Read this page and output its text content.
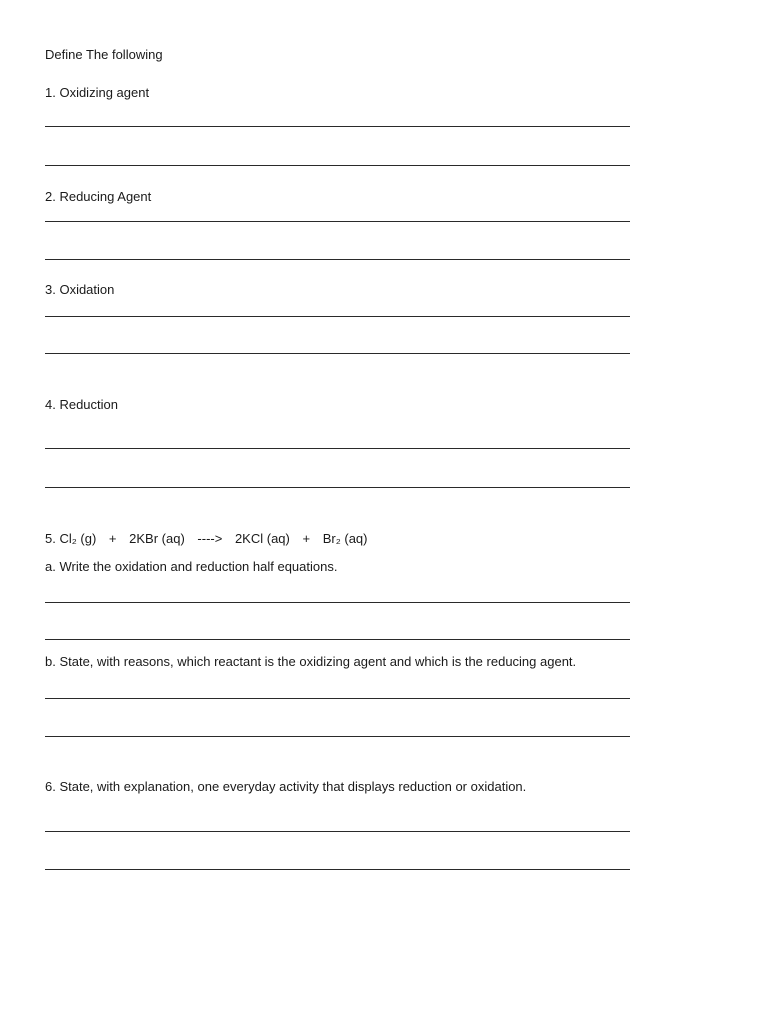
Define The following
1. Oxidizing agent
2. Reducing Agent
3. Oxidation
4. Reduction
5. Cl₂ (g) + 2KBr (aq) ----> 2KCl (aq) + Br₂ (aq)
a. Write the oxidation and reduction half equations.
b. State, with reasons, which reactant is the oxidizing agent and which is the reducing agent.
6. State, with explanation, one everyday activity that displays reduction or oxidation.
